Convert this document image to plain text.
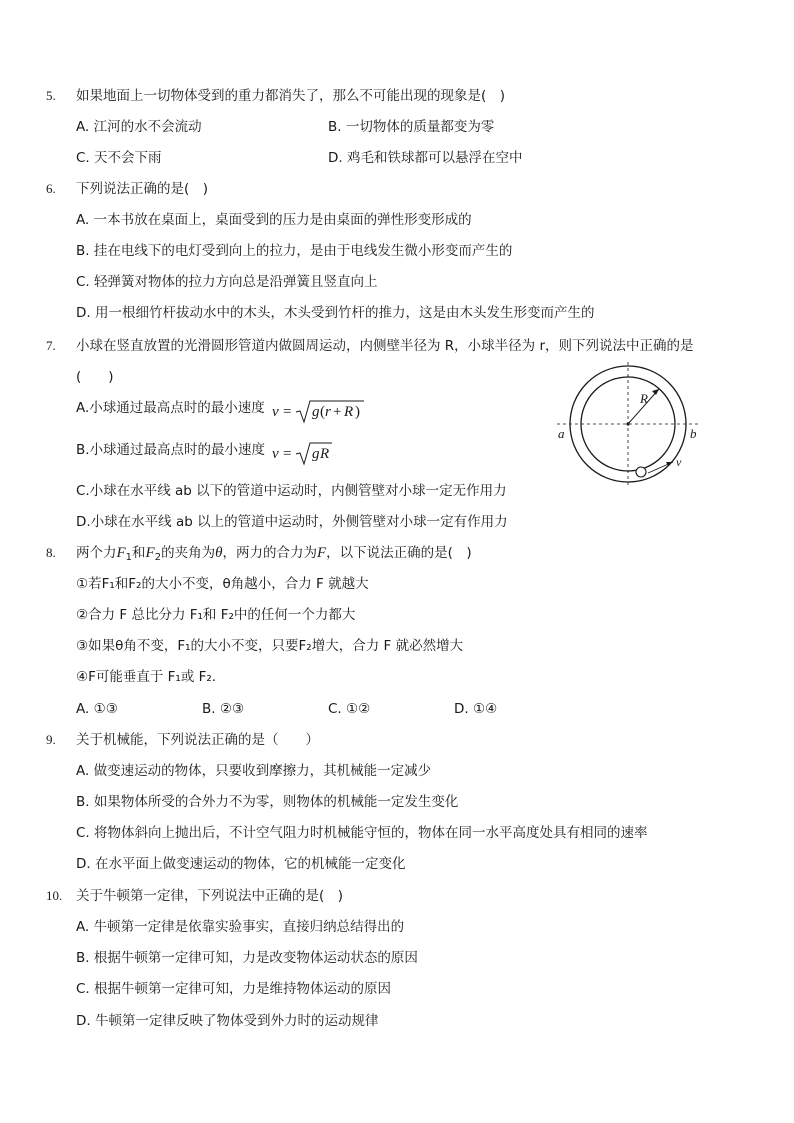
5. 如果地面上一切物体受到的重力都消失了，那么不可能出现的现象是(　)
A. 江河的水不会流动	B. 一切物体的质量都变为零
C. 天不会下雨	D. 鸡毛和铁球都可以悬浮在空中
6. 下列说法正确的是(　)
A. 一本书放在桌面上，桌面受到的压力是由桌面的弹性形变形成的
B. 挂在电线下的电灯受到向上的拉力，是由于电线发生微小形变而产生的
C. 轻弹簧对物体的拉力方向总是沿弹簧且竖直向上
D. 用一根细竹杆拔动水中的木头，木头受到竹杆的推力，这是由木头发生形变而产生的
7. 小球在竖直放置的光滑圆形管道内做圆周运动，内侧壁半径为 R，小球半径为 r，则下列说法中正确的是
(　　)
A.小球通过最高点时的最小速度 v = g ( r + R )
B.小球通过最高点时的最小速度 v = g R
C.小球在水平线 ab 以下的管道中运动时，内侧管壁对小球一定无作用力
D.小球在水平线 ab 以上的管道中运动时，外侧管壁对小球一定有作用力
R
a	b
v
8. 两个力$F_1$和$F_2$的夹角为θ，两力的合力为F，以下说法正确的是(　)
①若F₁和F₂的大小不变，θ角越小，合力 F 就越大
②合力 F 总比分力 F₁和 F₂中的任何一个力都大
③如果θ角不变，F₁的大小不变，只要F₂增大，合力 F 就必然增大
④F可能垂直于 F₁或 F₂.
A. ①③	B. ②③	C. ①②	D. ①④
9. 关于机械能，下列说法正确的是（　　）
A. 做变速运动的物体，只要收到摩擦力，其机械能一定减少
B. 如果物体所受的合外力不为零，则物体的机械能一定发生变化
C. 将物体斜向上抛出后，不计空气阻力时机械能守恒的，物体在同一水平高度处具有相同的速率
D. 在水平面上做变速运动的物体，它的机械能一定变化
10. 关于牛顿第一定律，下列说法中正确的是(　)
A. 牛顿第一定律是依靠实验事实，直接归纳总结得出的
B. 根据牛顿第一定律可知，力是改变物体运动状态的原因
C. 根据牛顿第一定律可知，力是维持物体运动的原因
D. 牛顿第一定律反映了物体受到外力时的运动规律
